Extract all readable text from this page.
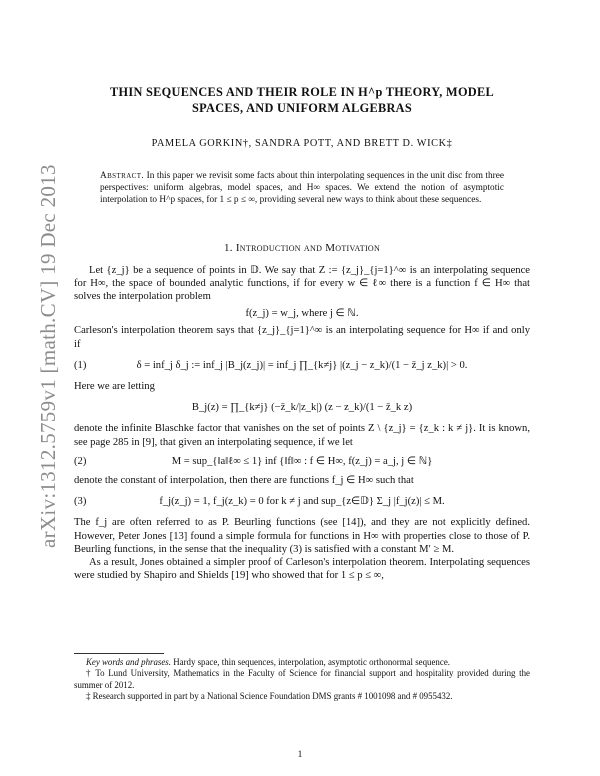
arXiv:1312.5759v1 [math.CV] 19 Dec 2013
THIN SEQUENCES AND THEIR ROLE IN H^p THEORY, MODEL
SPACES, AND UNIFORM ALGEBRAS
PAMELA GORKIN†, SANDRA POTT, AND BRETT D. WICK‡
Abstract. In this paper we revisit some facts about thin interpolating sequences in the unit disc from three perspectives: uniform algebras, model spaces, and H∞ spaces. We extend the notion of asymptotic interpolation to H^p spaces, for 1 ≤ p ≤ ∞, providing several new ways to think about these sequences.
1. Introduction and Motivation

Let {z_j} be a sequence of points in 𝔻. We say that Z := {z_j}_{j=1}^∞ is an interpolating sequence for H∞, the space of bounded analytic functions, if for every w ∈ ℓ∞ there is a function f ∈ H∞ that solves the interpolation problem

f(z_j) = w_j, where j ∈ ℕ.

Carleson's interpolation theorem says that {z_j}_{j=1}^∞ is an interpolating sequence for H∞ if and only if

(1)	δ = inf_j δ_j := inf_j |B_j(z_j)| = inf_j ∏_{k≠j} |(z_j − z_k)/(1 − z̄_j z_k)| > 0.

Here we are letting

B_j(z) = ∏_{k≠j} (−z̄_k/|z_k|) (z − z_k)/(1 − z̄_k z)

denote the infinite Blaschke factor that vanishes on the set of points Z \ {z_j} = {z_k : k ≠ j}. It is known, see page 285 in [9], that given an interpolating sequence, if we let

(2)	M = sup_{‖a‖ℓ∞ ≤ 1} inf {‖f‖∞ : f ∈ H∞, f(z_j) = a_j, j ∈ ℕ}

denote the constant of interpolation, then there are functions f_j ∈ H∞ such that

(3)	f_j(z_j) = 1, f_j(z_k) = 0 for k ≠ j and sup_{z∈𝔻} Σ_j |f_j(z)| ≤ M.

The f_j are often referred to as P. Beurling functions (see [14]), and they are not explicitly defined. However, Peter Jones [13] found a simple formula for functions in H∞ with properties close to those of P. Beurling functions, in the sense that the inequality (3) is satisfied with a constant M′ ≥ M.

As a result, Jones obtained a simpler proof of Carleson's interpolation theorem. Interpolating sequences were studied by Shapiro and Shields [19] who showed that for 1 ≤ p ≤ ∞,

Key words and phrases. Hardy space, thin sequences, interpolation, asymptotic orthonormal sequence.

† To Lund University, Mathematics in the Faculty of Science for financial support and hospitality provided during the summer of 2012.

‡ Research supported in part by a National Science Foundation DMS grants # 1001098 and # 0955432.

1
